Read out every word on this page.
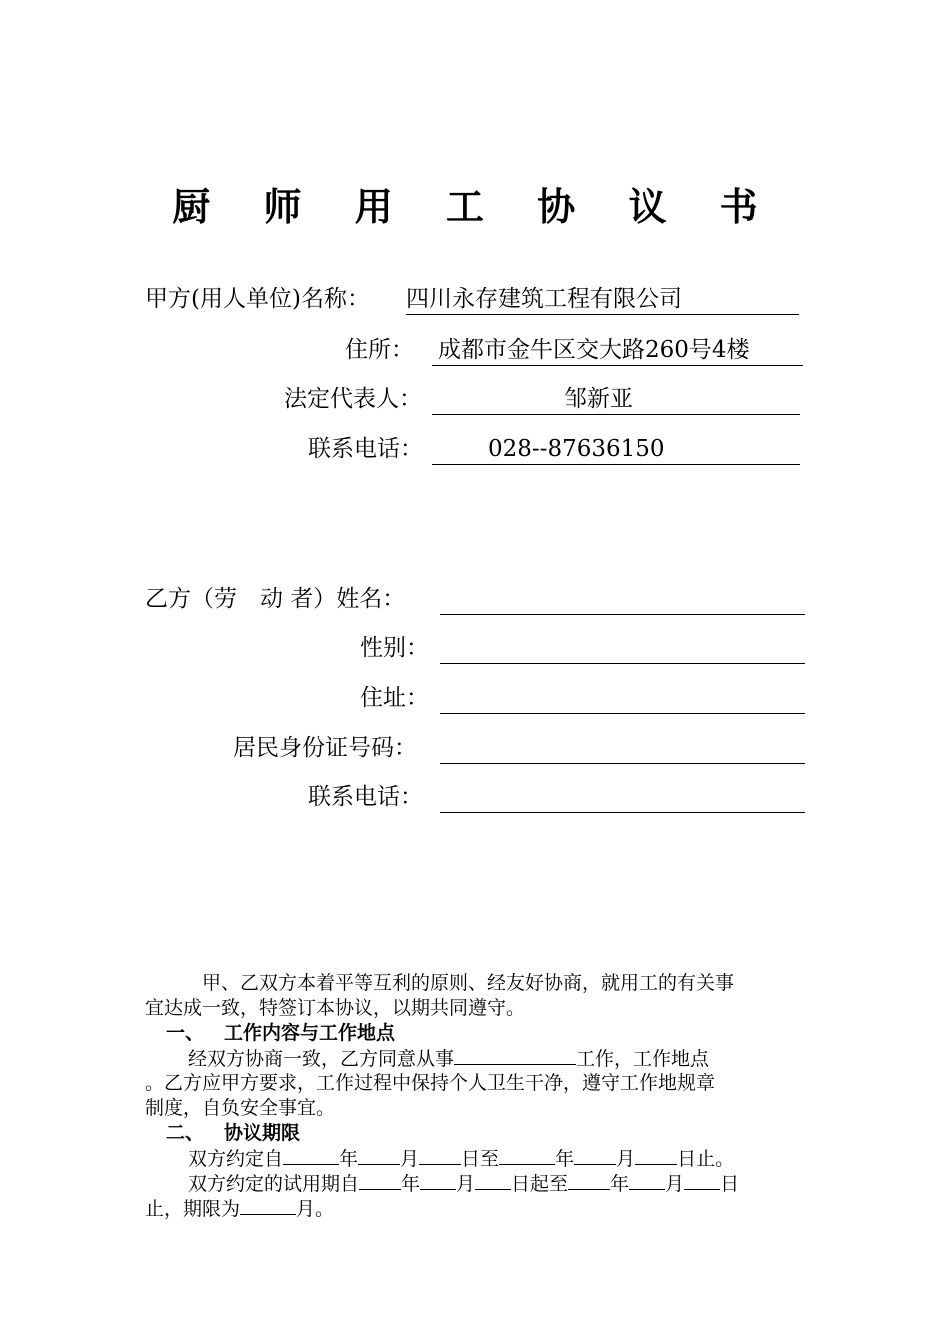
厨 师 用 工 协 议 书
甲方(用人单位)名称： 四川永存建筑工程有限公司
住所： 成都市金牛区交大路260号4楼
法定代表人：	邹新亚
联系电话：	028--87636150
乙方（劳　动 者）姓名：
性别：
住址：
居民身份证号码：
联系电话：
甲、乙双方本着平等互利的原则、经友好协商，就用工的有关事
宜达成一致，特签订本协议，以期共同遵守。
一、 工作内容与工作地点
经双方协商一致，乙方同意从事	工作，工作地点
。乙方应甲方要求，工作过程中保持个人卫生干净，遵守工作地规章
制度，自负安全事宜。
二、 协议期限
双方约定自	年 月 日至	年 月 日止。
双方约定的试用期自 年 月 日起至 年 月 日
止，期限为	月。
